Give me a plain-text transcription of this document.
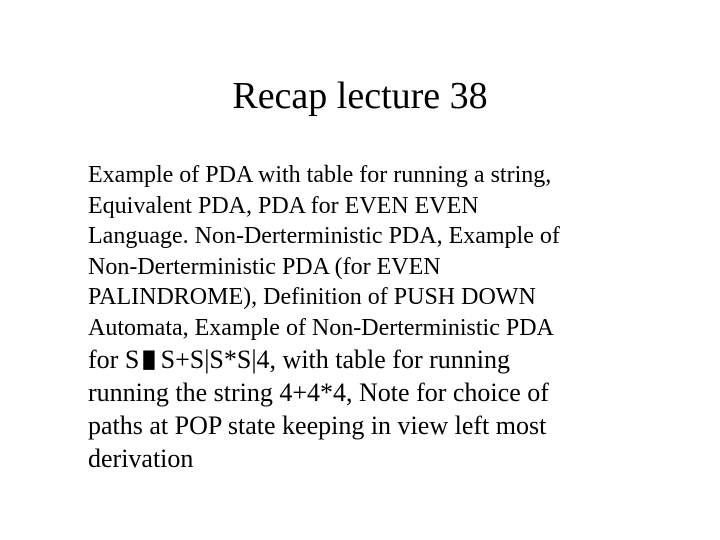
Recap lecture 38
Example of PDA with table for running a string,
Equivalent PDA, PDA for EVEN EVEN
Language. Non-Derterministic PDA, Example of
Non-Derterministic PDA (for EVEN
PALINDROME), Definition of PUSH DOWN
Automata, Example of Non-Derterministic PDA
for S █ S+S|S*S|4, with table for running
running the string 4+4*4, Note for choice of
paths at POP state keeping in view left most
derivation
